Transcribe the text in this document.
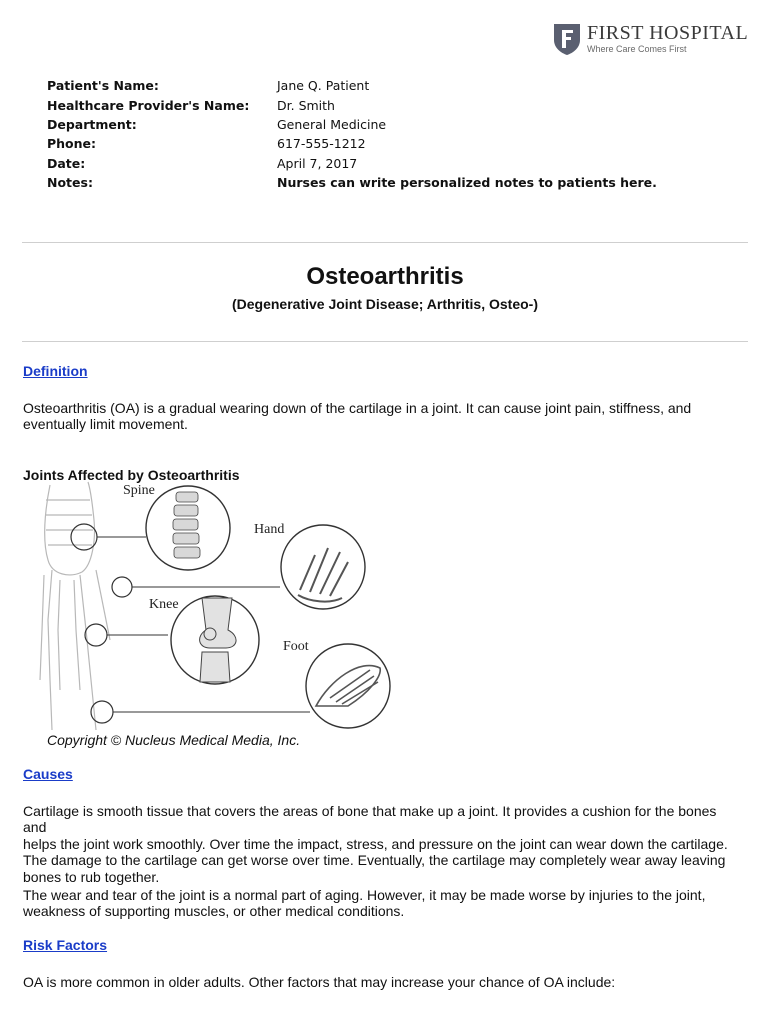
FIRST HOSPITAL
Where Care Comes First
Patient's Name:	Jane Q. Patient
Healthcare Provider's Name:	Dr. Smith
Department:	General Medicine
Phone:	617-555-1212
Date:	April 7, 2017
Notes:	Nurses can write personalized notes to patients here.
Osteoarthritis
(Degenerative Joint Disease; Arthritis, Osteo-)
Definition
Osteoarthritis (OA) is a gradual wearing down of the cartilage in a joint. It can cause joint pain, stiffness, and
eventually limit movement.
Joints Affected by Osteoarthritis
Spine
Hand
Knee
Foot
Copyright © Nucleus Medical Media, Inc.
Causes
Cartilage is smooth tissue that covers the areas of bone that make up a joint. It provides a cushion for the bones and
helps the joint work smoothly. Over time the impact, stress, and pressure on the joint can wear down the cartilage.
The damage to the cartilage can get worse over time. Eventually, the cartilage may completely wear away leaving
bones to rub together.
The wear and tear of the joint is a normal part of aging. However, it may be made worse by injuries to the joint,
weakness of supporting muscles, or other medical conditions.
Risk Factors
OA is more common in older adults. Other factors that may increase your chance of OA include:
